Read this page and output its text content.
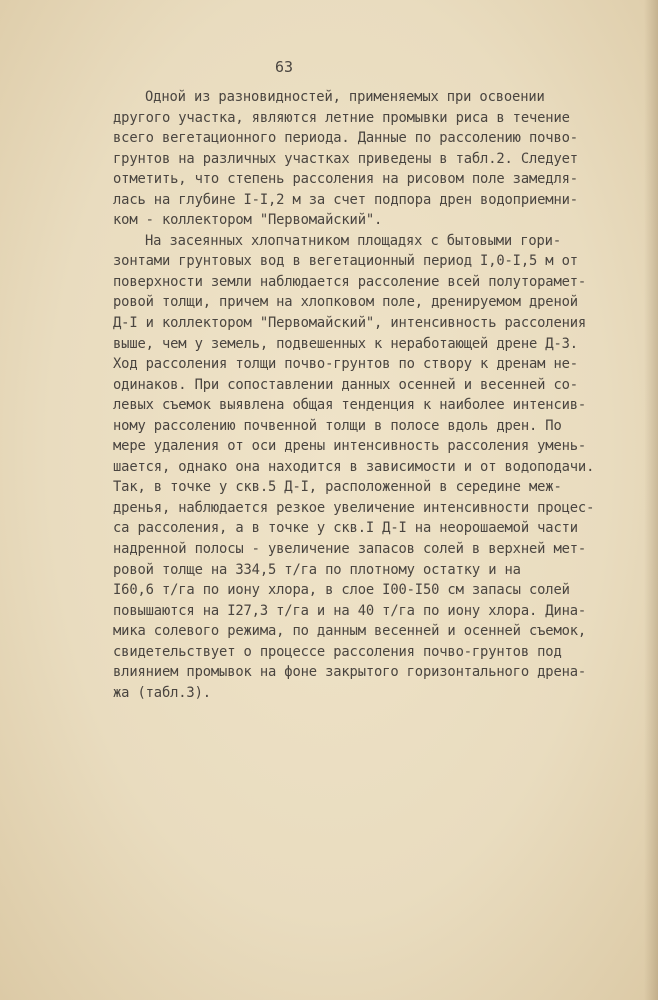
63
Одной из разновидностей, применяемых при освоении
другого участка, являются летние промывки риса в течение
всего вегетационного периода. Данные по рассолению почво-
грунтов на различных участках приведены в табл.2. Следует
отметить, что степень рассоления на рисовом поле замедля-
лась на глубине I-I,2 м за счет подпора дрен водоприемни-
ком - коллектором "Первомайский".
На засеянных хлопчатником площадях с бытовыми гори-
зонтами грунтовых вод в вегетационный период I,0-I,5 м от
поверхности земли наблюдается рассоление всей полуторамет-
ровой толщи, причем на хлопковом поле, дренируемом дреной
Д-I и коллектором "Первомайский", интенсивность рассоления
выше, чем у земель, подвешенных к неработающей дрене Д-3.
Ход рассоления толщи почво-грунтов по створу к дренам не-
одинаков. При сопоставлении данных осенней и весенней со-
левых съемок выявлена общая тенденция к наиболее интенсив-
ному рассолению почвенной толщи в полосе вдоль дрен. По
мере удаления от оси дрены интенсивность рассоления умень-
шается, однако она находится в зависимости и от водоподачи.
Так, в точке у скв.5 Д-I, расположенной в середине меж-
дренья, наблюдается резкое увеличение интенсивности процес-
са рассоления, а в точке у скв.I Д-I на неорошаемой части
надренной полосы - увеличение запасов солей в верхней мет-
ровой толще на 334,5 т/га по плотному остатку и на
I60,6 т/га по иону хлора, в слое I00-I50 см запасы солей
повышаются на I27,3 т/га и на 40 т/га по иону хлора. Дина-
мика солевого режима, по данным весенней и осенней съемок,
свидетельствует о процессе рассоления почво-грунтов под
влиянием промывок на фоне закрытого горизонтального дрена-
жа (табл.3).
